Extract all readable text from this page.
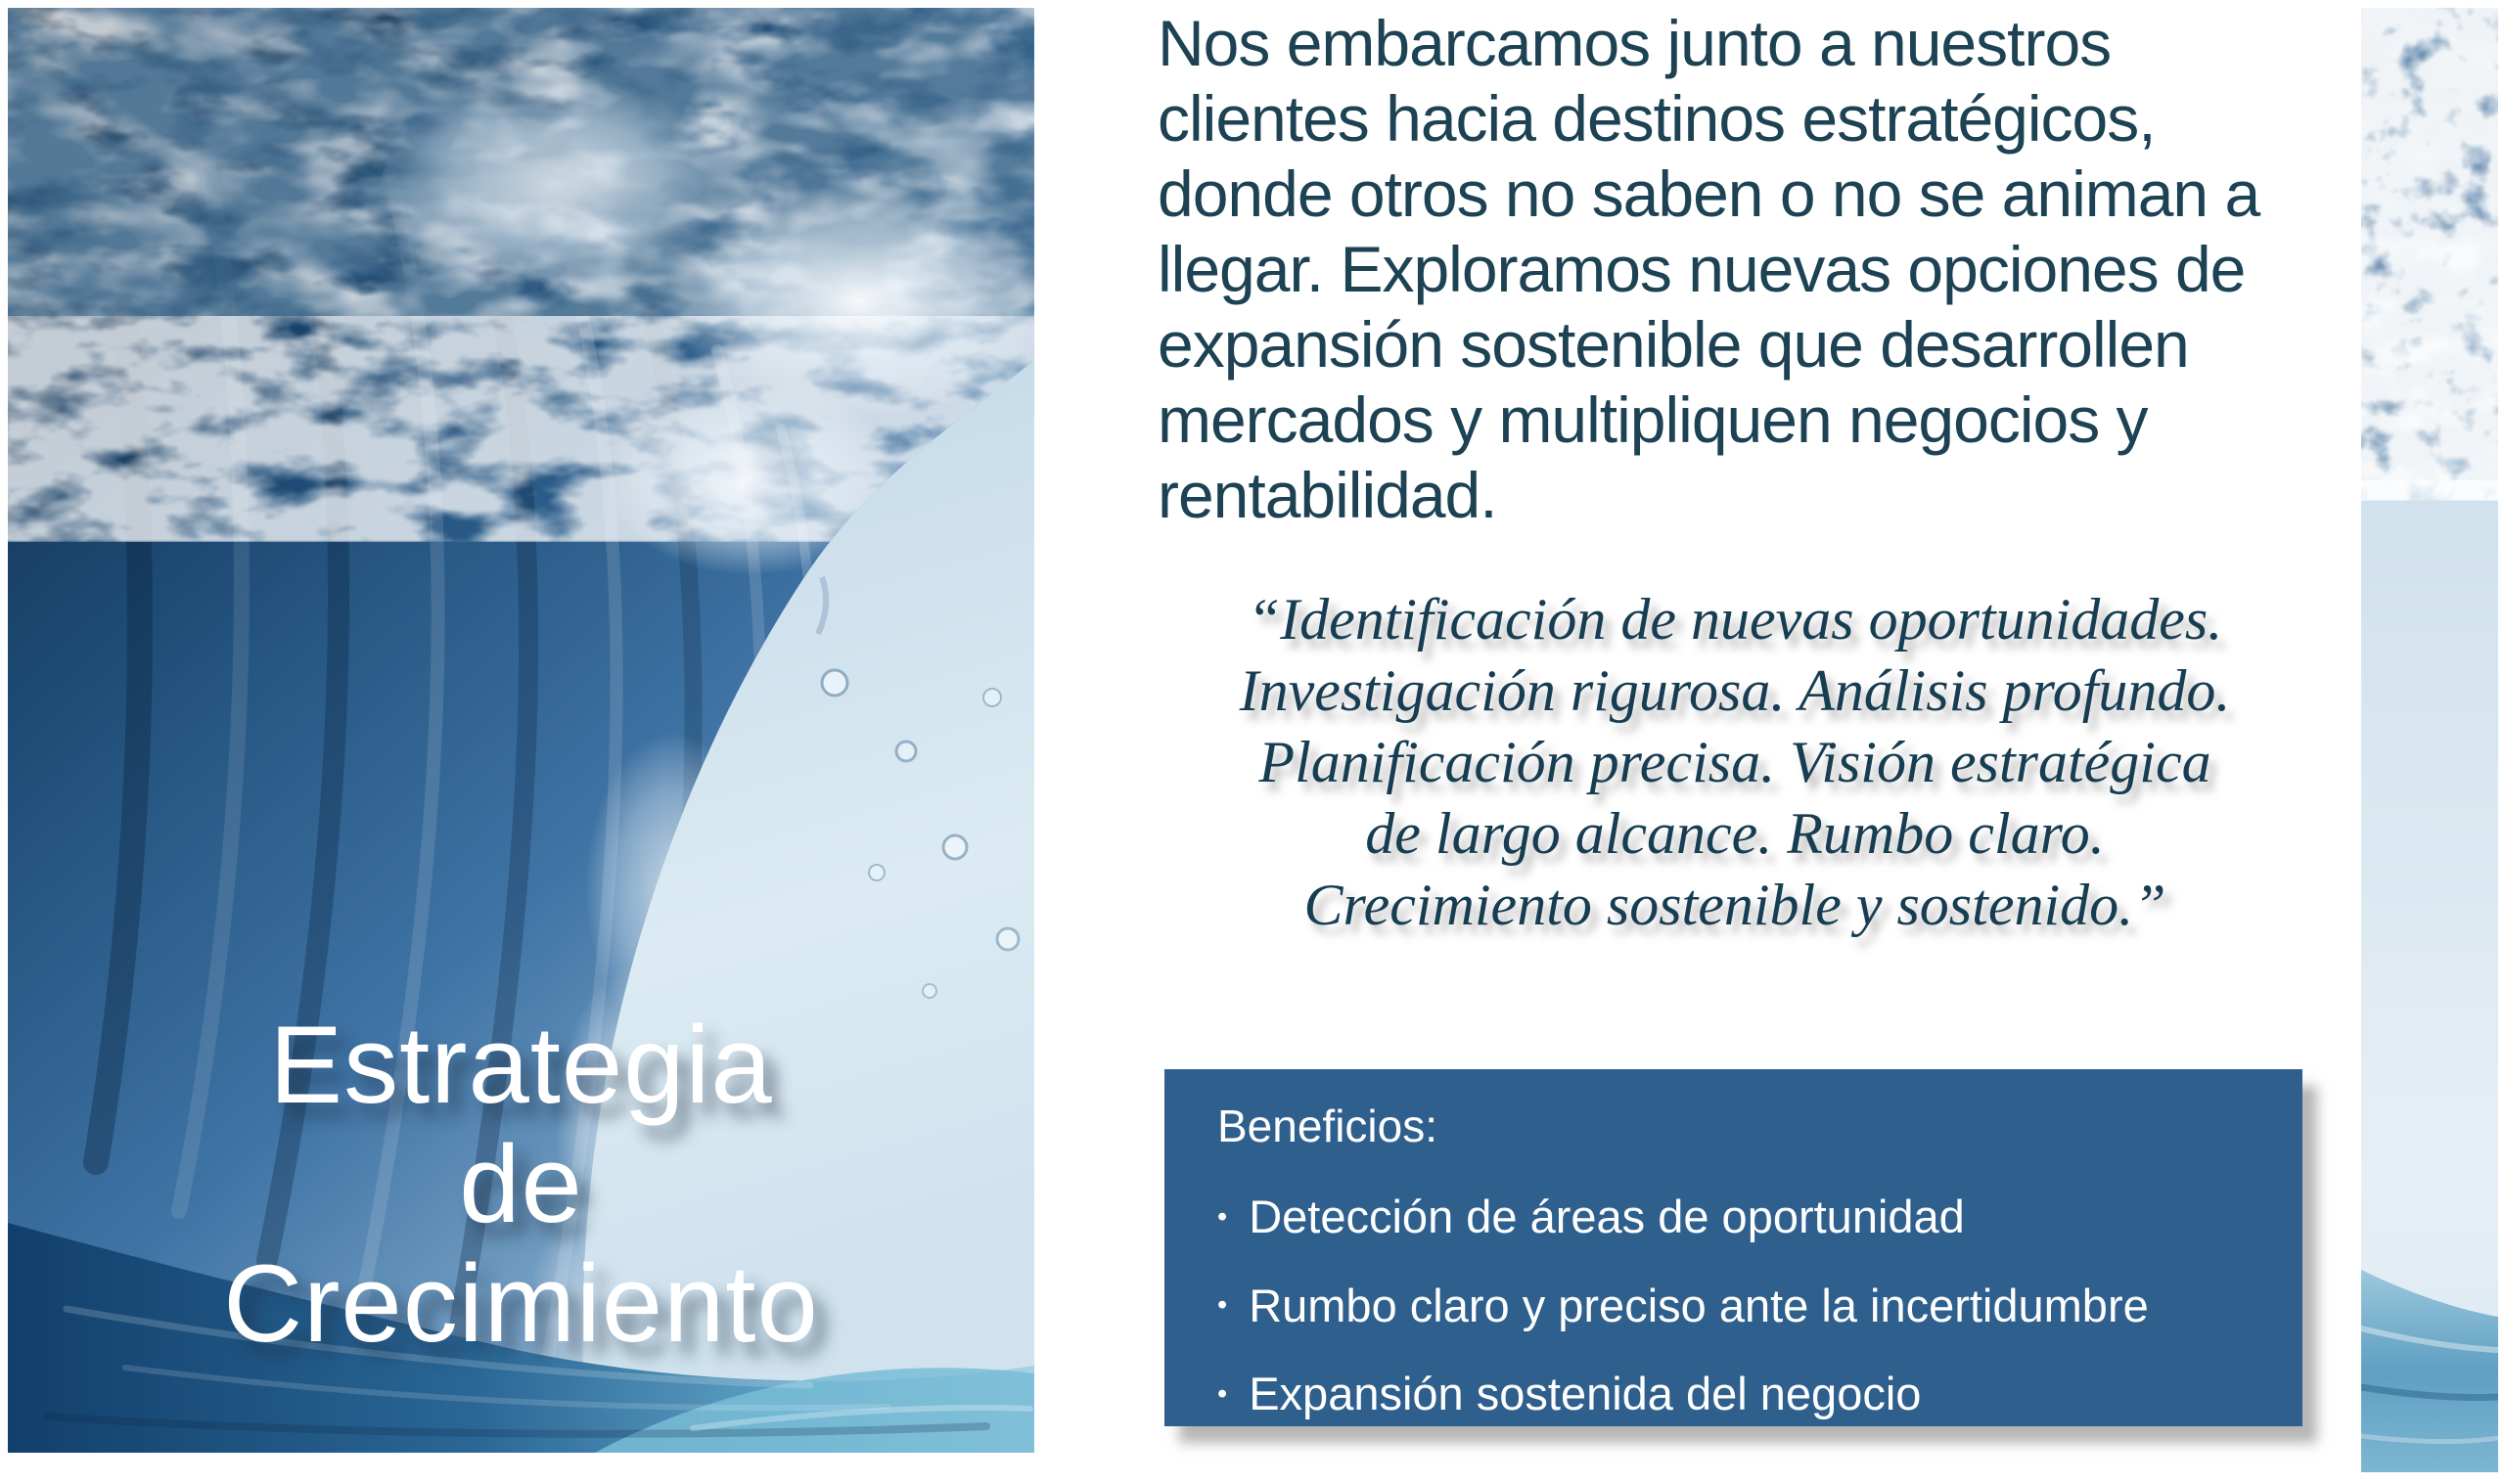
Estrategia
de
Crecimiento
Nos embarcamos junto a nuestros
clientes hacia destinos estratégicos,
donde otros no saben o no se animan a
llegar. Exploramos nuevas opciones de
expansión sostenible que desarrollen
mercados y multipliquen negocios y
rentabilidad.
“Identificación de nuevas oportunidades.
Investigación rigurosa. Análisis profundo.
Planificación precisa. Visión estratégica
de largo alcance. Rumbo claro.
Crecimiento sostenible y sostenido.”
Beneficios:
• Detección de áreas de oportunidad
• Rumbo claro y preciso ante la incertidumbre
• Expansión sostenida del negocio
